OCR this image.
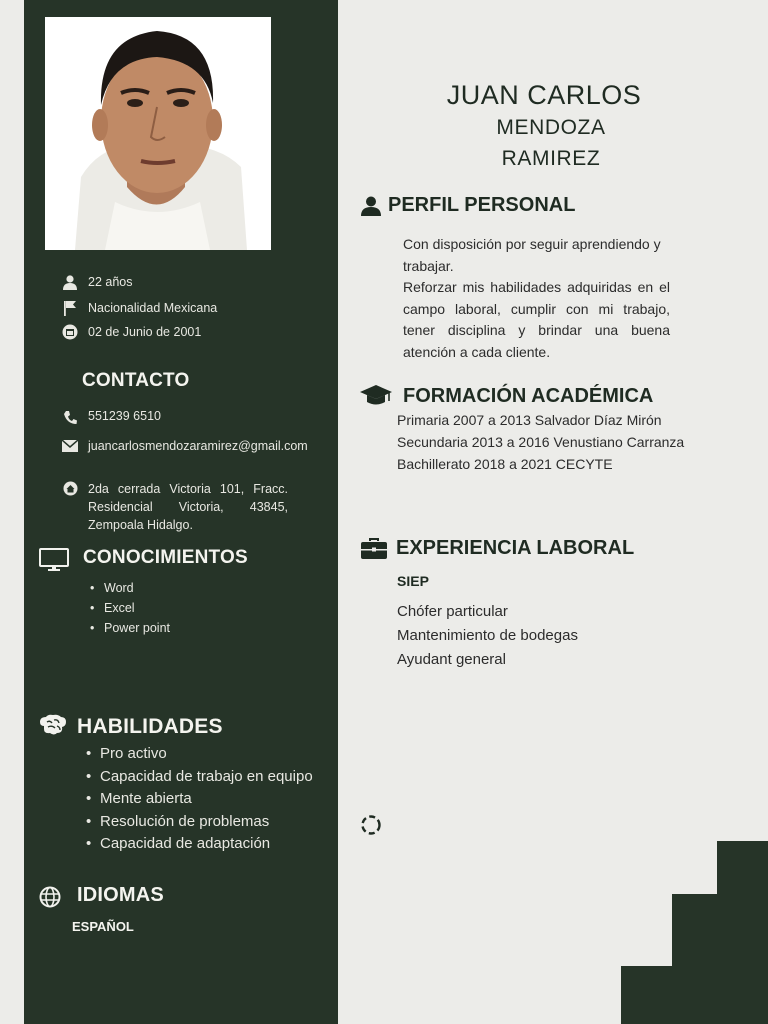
22 años
Nacionalidad Mexicana
02 de Junio de 2001
CONTACTO
551239 6510
juancarlosmendozaramirez@gmail.com
2da cerrada Victoria 101, Fracc. Residencial Victoria, 43845, Zempoala Hidalgo.
CONOCIMIENTOS
• Word
• Excel
• Power point
HABILIDADES
• Pro activo
• Capacidad de trabajo en equipo
• Mente abierta
• Resolución de problemas
• Capacidad de adaptación
IDIOMAS
ESPAÑOL
JUAN CARLOS
MENDOZA
RAMIREZ
PERFIL PERSONAL

Con disposición por seguir aprendiendo y trabajar.

Reforzar mis habilidades adquiridas en el campo laboral, cumplir con mi trabajo, tener disciplina y brindar una buena atención a cada cliente.

FORMACIÓN ACADÉMICA
Primaria 2007 a 2013 Salvador Díaz Mirón
Secundaria 2013 a 2016 Venustiano Carranza
Bachillerato 2018 a 2021 CECYTE
EXPERIENCIA LABORAL
SIEP
Chófer particular
Mantenimiento de bodegas
Ayudant general
